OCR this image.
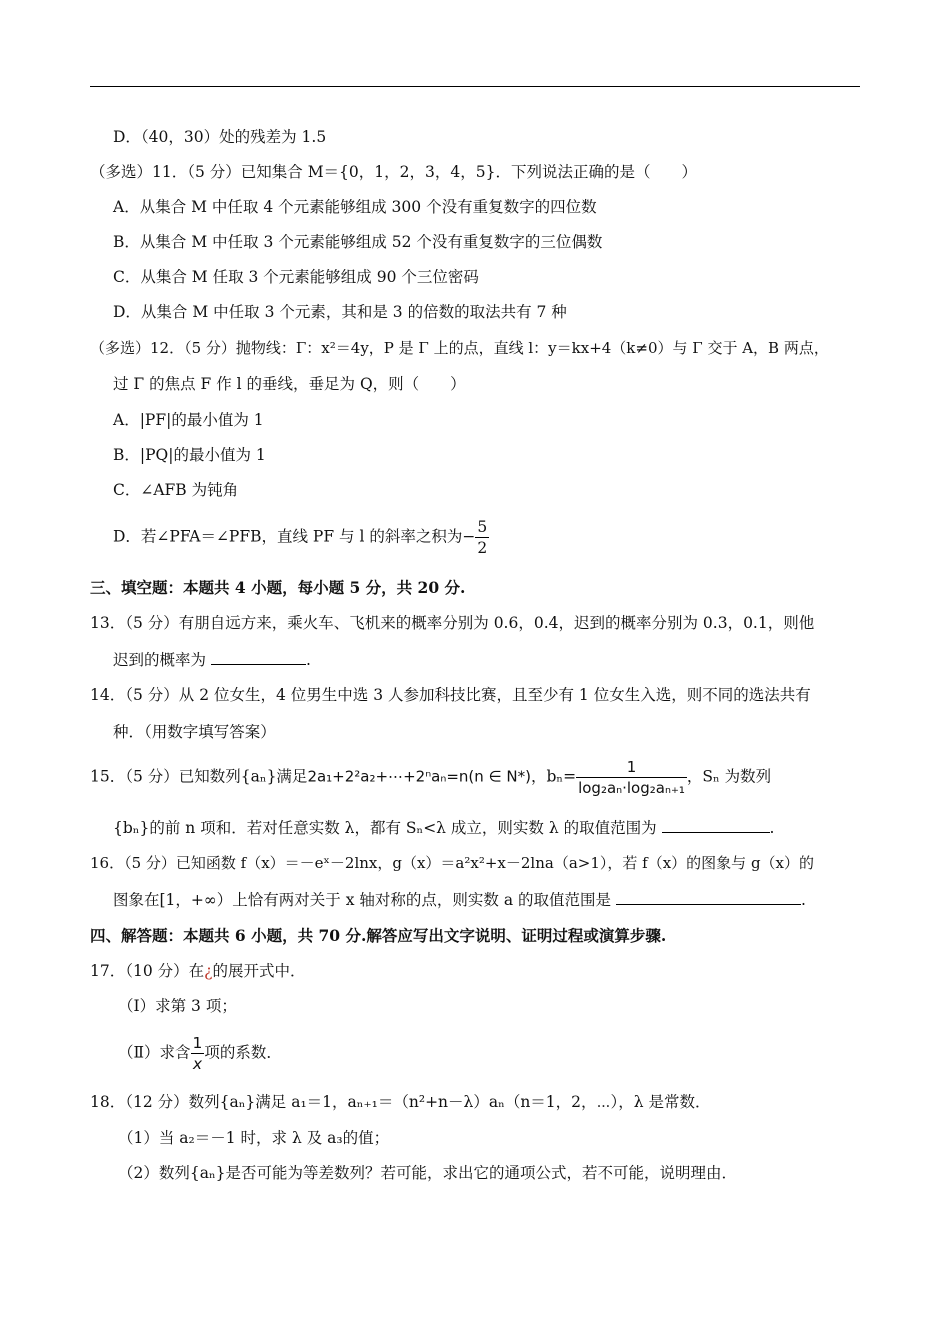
D．（40，30）处的残差为 1.5
（多选）11．（5 分）已知集合 M＝{0，1，2，3，4，5}．下列说法正确的是（　　）
A．从集合 M 中任取 4 个元素能够组成 300 个没有重复数字的四位数
B．从集合 M 中任取 3 个元素能够组成 52 个没有重复数字的三位偶数
C．从集合 M 任取 3 个元素能够组成 90 个三位密码
D．从集合 M 中任取 3 个元素，其和是 3 的倍数的取法共有 7 种
（多选）12．（5 分）抛物线：Γ：x²＝4y，P 是 Γ 上的点，直线 l：y＝kx+4（k≠0）与 Γ 交于 A，B 两点，
过 Γ 的焦点 F 作 l 的垂线，垂足为 Q，则（　　）
A．|PF|的最小值为 1
B．|PQ|的最小值为 1
C．∠AFB 为钝角
D．若∠PFA＝∠PFB，直线 PF 与 l 的斜率之积为− $\frac{5}{2}$
三、填空题：本题共 4 小题，每小题 5 分，共 20 分.
13．（5 分）有朋自远方来，乘火车、飞机来的概率分别为 0.6，0.4，迟到的概率分别为 0.3，0.1，则他
迟到的概率为	.
14．（5 分）从 2 位女生，4 位男生中选 3 人参加科技比赛，且至少有 1 位女生入选，则不同的选法共有
种．（用数字填写答案）
15．（5 分）已知数列{aₙ}满足2a₁+2²a₂+⋯+2ⁿaₙ=n(n ∈ N*)，$b_n= \frac{1}{\text{log₂aₙ·log₂aₙ₊₁}}$ ，Sₙ 为数列
{bₙ}的前 n 项和．若对任意实数 λ，都有 Sₙ<λ 成立，则实数 λ 的取值范围为	.
16．（5 分）已知函数 f（x）＝－eˣ－2lnx，g（x）＝a²x²+x－2lna（a>1），若 f（x）的图象与 g（x）的
图象在[1，+∞）上恰有两对关于 x 轴对称的点，则实数 a 的取值范围是	.
四、解答题：本题共 6 小题，共 70 分.解答应写出文字说明、证明过程或演算步骤.
17．（10 分）在¿的展开式中．
（Ⅰ）求第 3 项；
（Ⅱ）求含 $\frac{1}{x}$ 项的系数．
18．（12 分）数列{aₙ}满足 a₁＝1，aₙ₊₁＝（n²+n－λ）aₙ（n＝1，2，⋯），λ 是常数．
（1）当 a₂＝－1 时，求 λ 及 a₃的值；
（2）数列{aₙ}是否可能为等差数列？若可能，求出它的通项公式，若不可能，说明理由．
